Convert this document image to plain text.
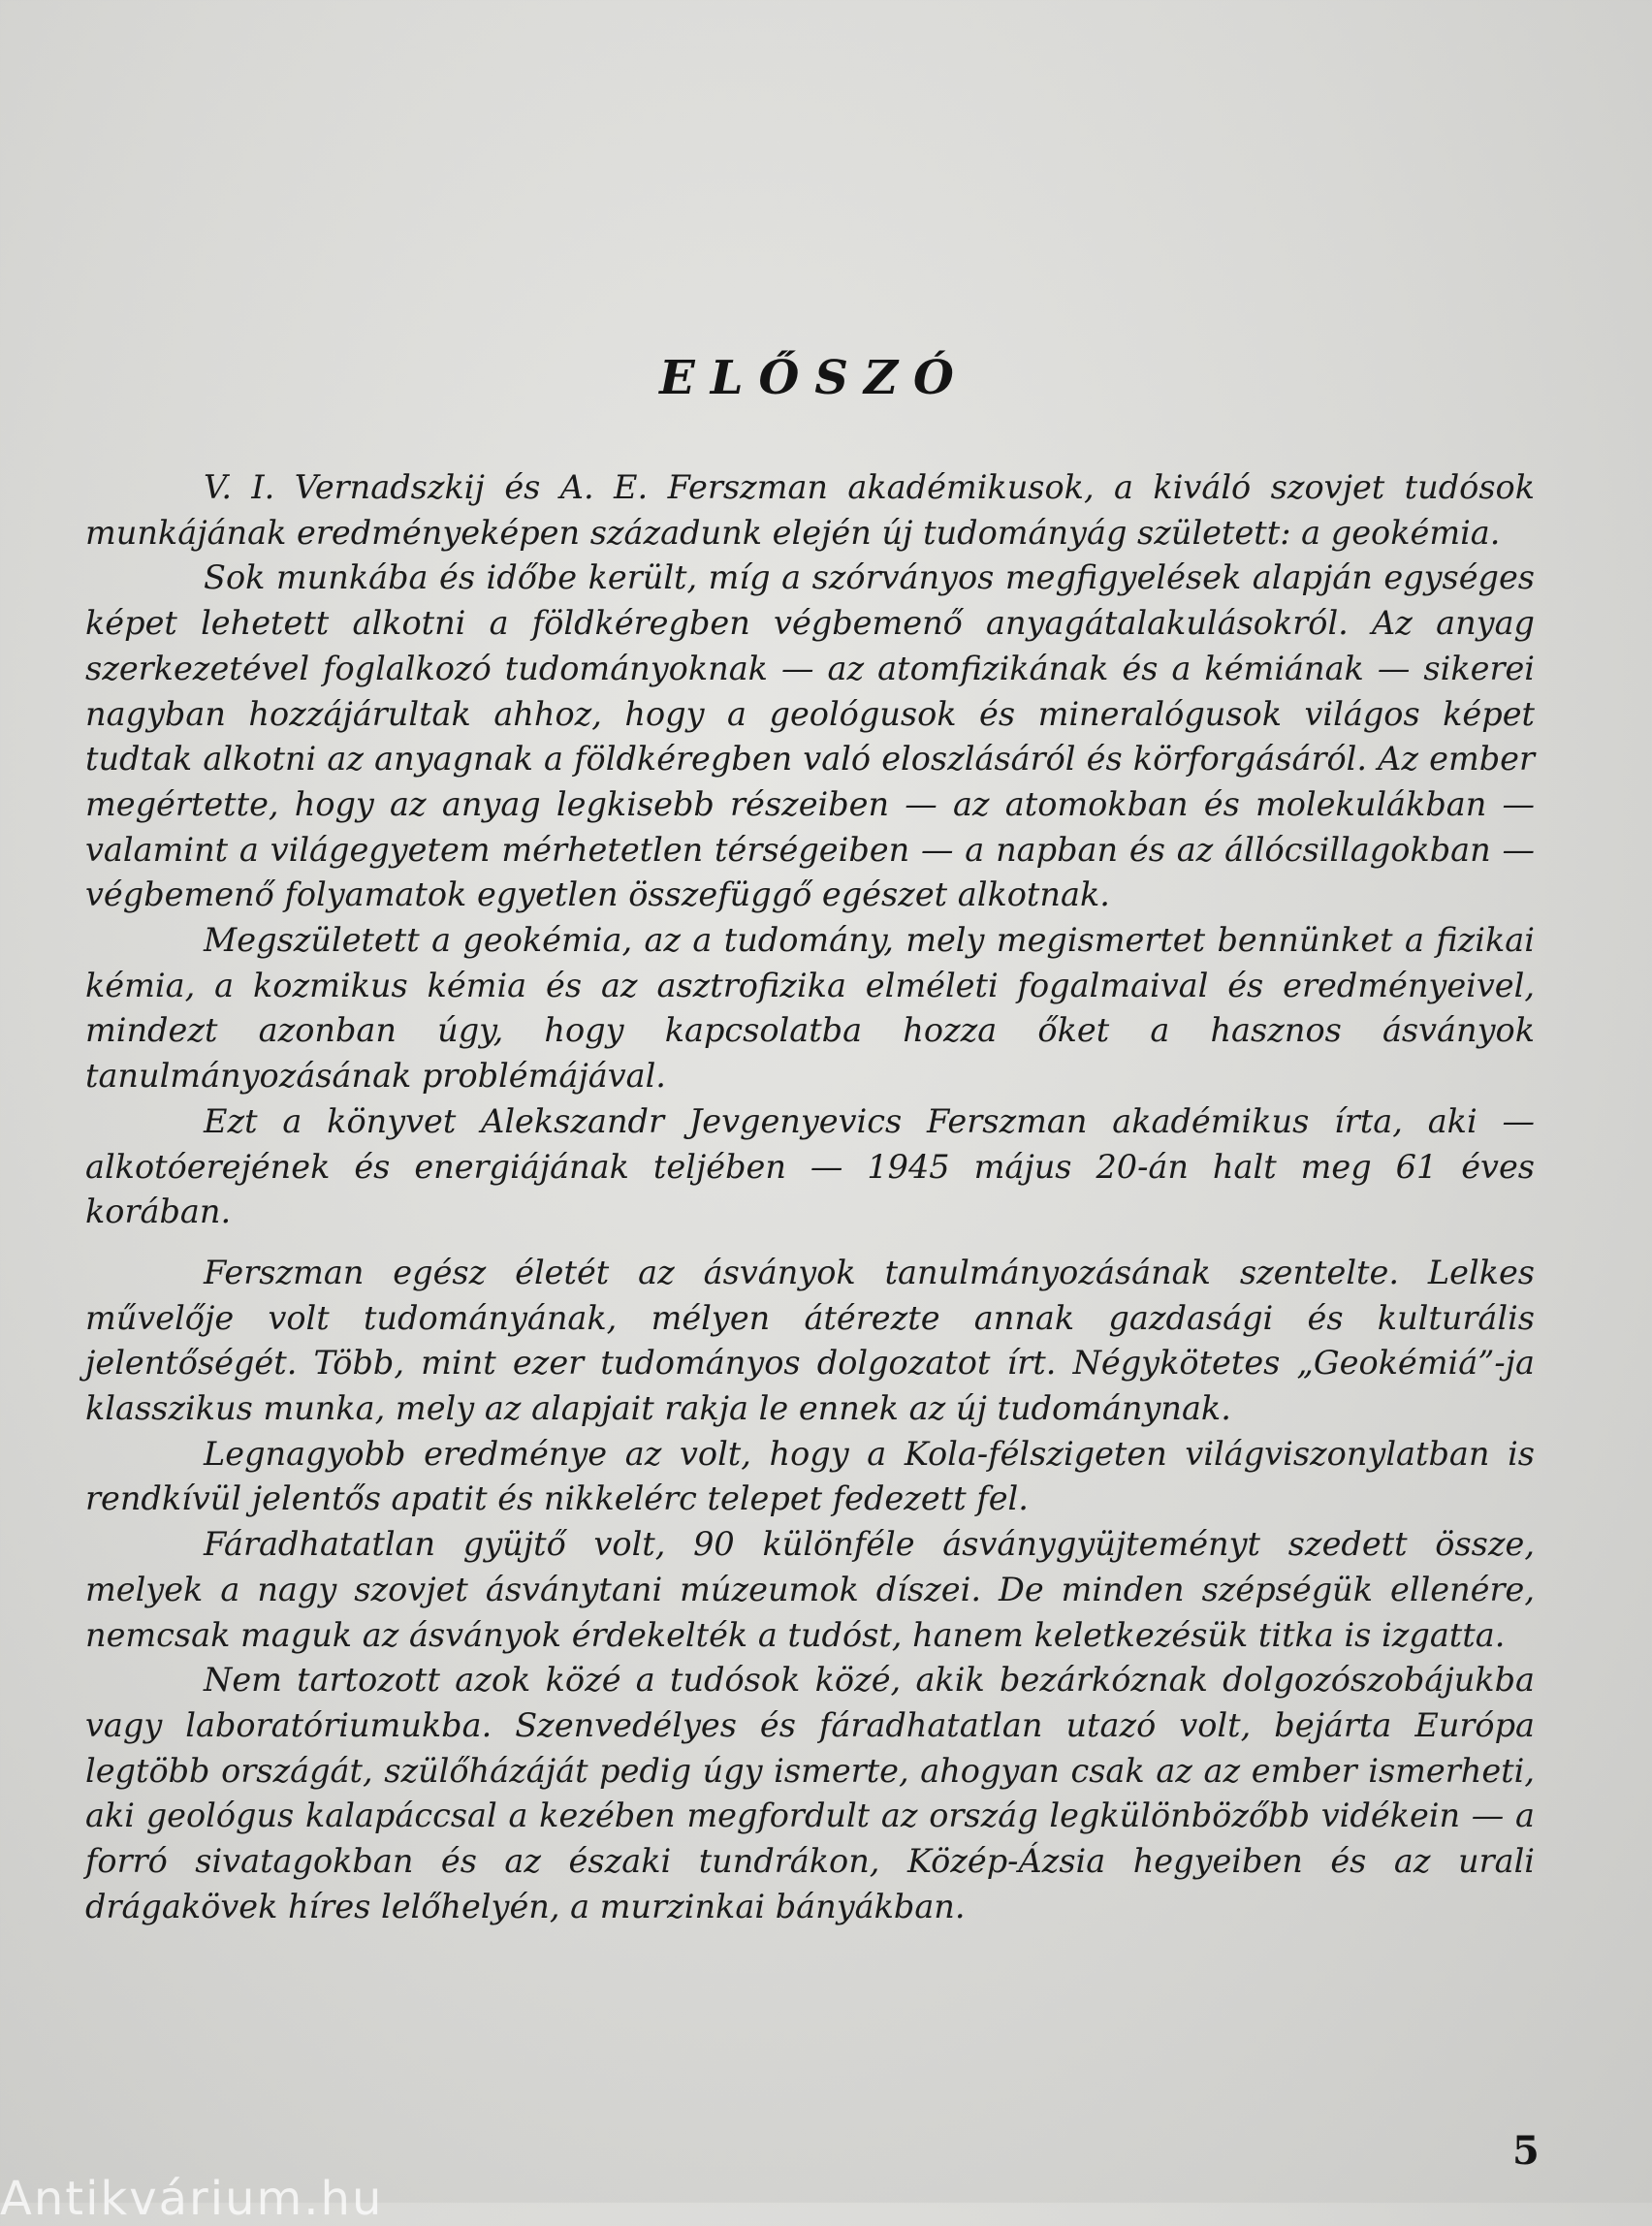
ELŐSZÓ

V. I. Vernadszkij és A. E. Ferszman akadémikusok, a kiváló szovjet tudósok munkájának eredményeképen századunk elején új tudományág született: a geokémia.

Sok munkába és időbe került, míg a szórványos megfigyelések alapján egységes képet lehetett alkotni a földkéregben végbemenő anyagátalakulásokról. Az anyag szerkezetével foglalkozó tudományoknak — az atomfizikának és a kémiának — sikerei nagyban hozzájárultak ahhoz, hogy a geológusok és mineralógusok világos képet tudtak alkotni az anyagnak a földkéregben való eloszlásáról és körforgásáról. Az ember megértette, hogy az anyag legkisebb részeiben — az atomokban és molekulákban — valamint a világegyetem mérhetetlen térségeiben — a napban és az állócsillagokban — végbemenő folyamatok egyetlen összefüggő egészet alkotnak.

Megszületett a geokémia, az a tudomány, mely megismertet bennünket a fizikai kémia, a kozmikus kémia és az asztrofizika elméleti fogalmaival és eredményeivel, mindezt azonban úgy, hogy kapcsolatba hozza őket a hasznos ásványok tanulmányozásának problémájával.

Ezt a könyvet Alekszandr Jevgenyevics Ferszman akadémikus írta, aki — alkotóerejének és energiájának teljében — 1945 május 20-án halt meg 61 éves korában.

Ferszman egész életét az ásványok tanulmányozásának szentelte. Lelkes művelője volt tudományának, mélyen átérezte annak gazdasági és kulturális jelentőségét. Több, mint ezer tudományos dolgozatot írt. Négykötetes „Geokémiá”-ja klasszikus munka, mely az alapjait rakja le ennek az új tudománynak.

Legnagyobb eredménye az volt, hogy a Kola-félszigeten világviszonylatban is rendkívül jelentős apatit és nikkelérc telepet fedezett fel.

Fáradhatatlan gyüjtő volt, 90 különféle ásványgyüjteményt szedett össze, melyek a nagy szovjet ásványtani múzeumok díszei. De minden szépségük ellenére, nemcsak maguk az ásványok érdekelték a tudóst, hanem keletkezésük titka is izgatta.

Nem tartozott azok közé a tudósok közé, akik bezárkóznak dolgozószobájukba vagy laboratóriumukba. Szenvedélyes és fáradhatatlan utazó volt, bejárta Európa legtöbb országát, szülőházáját pedig úgy ismerte, ahogyan csak az az ember ismerheti, aki geológus kalapáccsal a kezében megfordult az ország legkülönbözőbb vidékein — a forró sivatagokban és az északi tundrákon, Közép-Ázsia hegyeiben és az urali drágakövek híres lelőhelyén, a murzinkai bányákban.

5
Antikvárium.hu
